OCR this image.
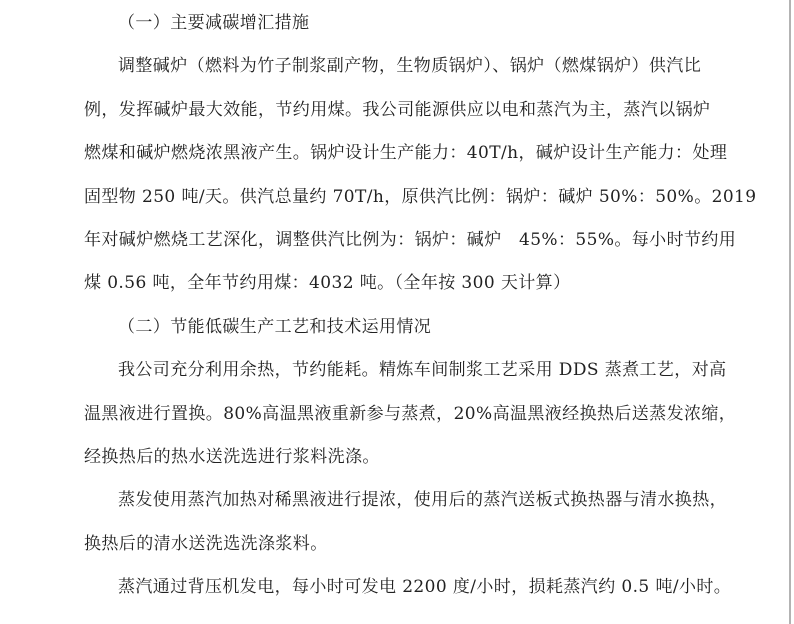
（一）主要减碳增汇措施
调整碱炉（燃料为竹子制浆副产物，生物质锅炉）、锅炉（燃煤锅炉）供汽比
例，发挥碱炉最大效能，节约用煤。我公司能源供应以电和蒸汽为主，蒸汽以锅炉
燃煤和碱炉燃烧浓黑液产生。锅炉设计生产能力：40T/h，碱炉设计生产能力：处理
固型物 250 吨/天。供汽总量约 70T/h，原供汽比例：锅炉：碱炉 50%：50%。2019
年对碱炉燃烧工艺深化，调整供汽比例为：锅炉：碱炉　45%：55%。每小时节约用
煤 0.56 吨，全年节约用煤：4032 吨。（全年按 300 天计算）
（二）节能低碳生产工艺和技术运用情况
我公司充分利用余热，节约能耗。精炼车间制浆工艺采用 DDS 蒸煮工艺，对高
温黑液进行置换。80%高温黑液重新参与蒸煮，20%高温黑液经换热后送蒸发浓缩，
经换热后的热水送洗选进行浆料洗涤。
蒸发使用蒸汽加热对稀黑液进行提浓，使用后的蒸汽送板式换热器与清水换热，
换热后的清水送洗选洗涤浆料。
蒸汽通过背压机发电，每小时可发电 2200 度/小时，损耗蒸汽约 0.5 吨/小时。
